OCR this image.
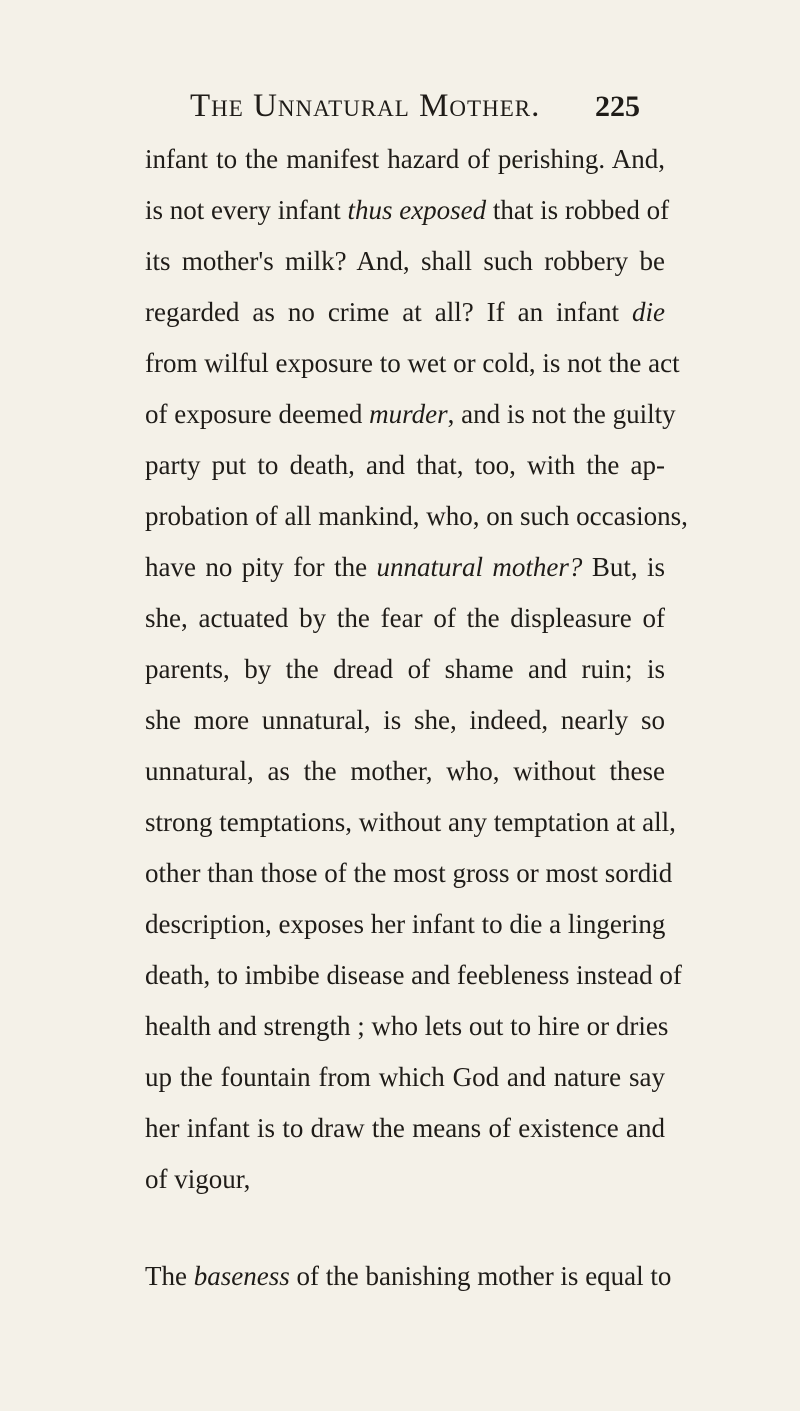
The Unnatural Mother. 225
infant to the manifest hazard of perishing. And,
is not every infant thus exposed that is robbed of
its mother's milk? And, shall such robbery be
regarded as no crime at all? If an infant die
from wilful exposure to wet or cold, is not the act
of exposure deemed murder, and is not the guilty
party put to death, and that, too, with the ap-
probation of all mankind, who, on such occasions,
have no pity for the unnatural mother? But, is
she, actuated by the fear of the displeasure of
parents, by the dread of shame and ruin; is
she more unnatural, is she, indeed, nearly so
unnatural, as the mother, who, without these
strong temptations, without any temptation at all,
other than those of the most gross or most sordid
description, exposes her infant to die a lingering
death, to imbibe disease and feebleness instead of
health and strength ; who lets out to hire or dries
up the fountain from which God and nature say
her infant is to draw the means of existence and
of vigour,
The baseness of the banishing mother is equal to
